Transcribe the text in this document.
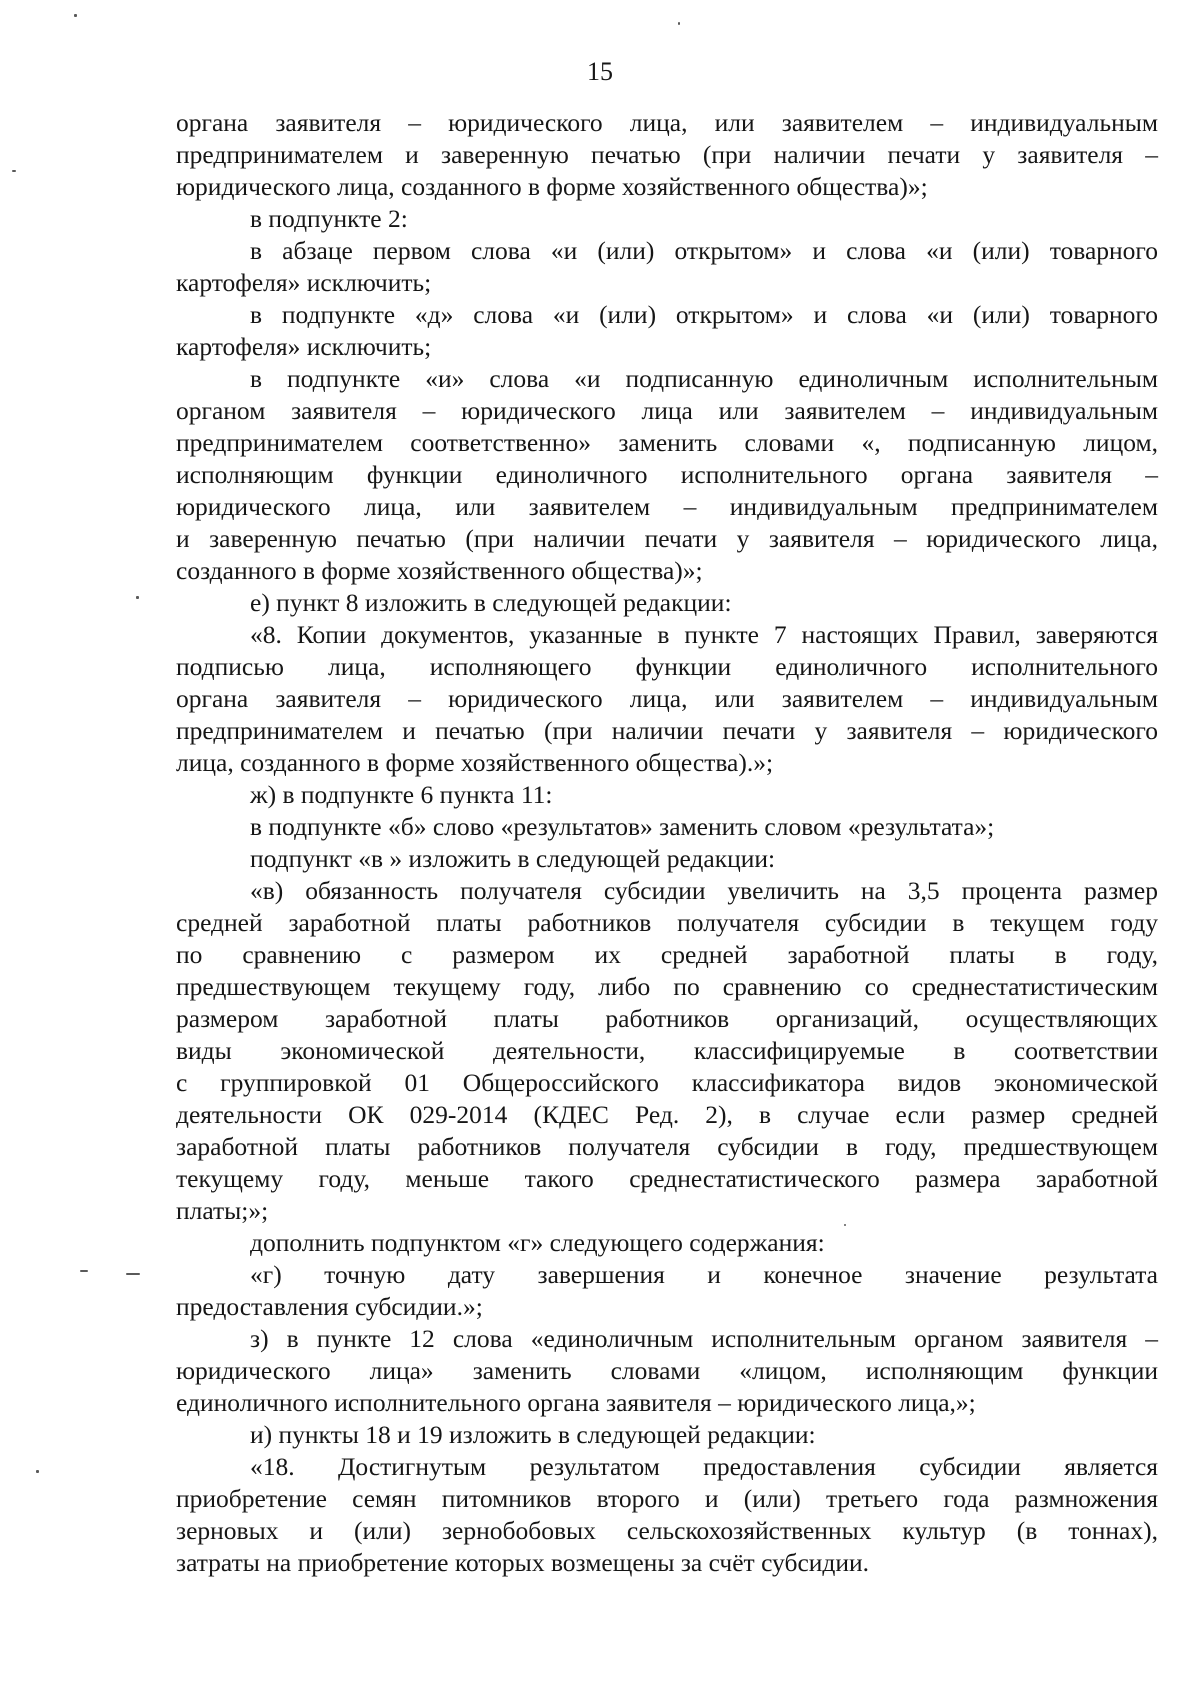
15
органа заявителя – юридического лица, или заявителем – индивидуальным
предпринимателем и заверенную печатью (при наличии печати у заявителя –
юридического лица, созданного в форме хозяйственного общества)»;
в подпункте 2:
в абзаце первом слова «и (или) открытом» и слова «и (или) товарного
картофеля» исключить;
в подпункте «д» слова «и (или) открытом» и слова «и (или) товарного
картофеля» исключить;
в подпункте «и» слова «и подписанную единоличным исполнительным
органом заявителя – юридического лица или заявителем – индивидуальным
предпринимателем соответственно» заменить словами «, подписанную лицом,
исполняющим функции единоличного исполнительного органа заявителя –
юридического лица, или заявителем – индивидуальным предпринимателем
и заверенную печатью (при наличии печати у заявителя – юридического лица,
созданного в форме хозяйственного общества)»;
е) пункт 8 изложить в следующей редакции:
«8. Копии документов, указанные в пункте 7 настоящих Правил, заверяются
подписью лица, исполняющего функции единоличного исполнительного
органа заявителя – юридического лица, или заявителем – индивидуальным
предпринимателем и печатью (при наличии печати у заявителя – юридического
лица, созданного в форме хозяйственного общества).»;
ж) в подпункте 6 пункта 11:
в подпункте «б» слово «результатов» заменить словом «результата»;
подпункт «в » изложить в следующей редакции:
«в) обязанность получателя субсидии увеличить на 3,5 процента размер
средней заработной платы работников получателя субсидии в текущем году
по сравнению с размером их средней заработной платы в году,
предшествующем текущему году, либо по сравнению со среднестатистическим
размером заработной платы работников организаций, осуществляющих
виды экономической деятельности, классифицируемые в соответствии
с группировкой 01 Общероссийского классификатора видов экономической
деятельности ОК 029-2014 (КДЕС Ред. 2), в случае если размер средней
заработной платы работников получателя субсидии в году, предшествующем
текущему году, меньше такого среднестатистического размера заработной
платы;»;
дополнить подпунктом «г» следующего содержания:
«г) точную дату завершения и конечное значение результата
предоставления субсидии.»;
з) в пункте 12 слова «единоличным исполнительным органом заявителя –
юридического лица» заменить словами «лицом, исполняющим функции
единоличного исполнительного органа заявителя – юридического лица,»;
и) пункты 18 и 19 изложить в следующей редакции:
«18. Достигнутым результатом предоставления субсидии является
приобретение семян питомников второго и (или) третьего года размножения
зерновых и (или) зернобобовых сельскохозяйственных культур (в тоннах),
затраты на приобретение которых возмещены за счёт субсидии.
